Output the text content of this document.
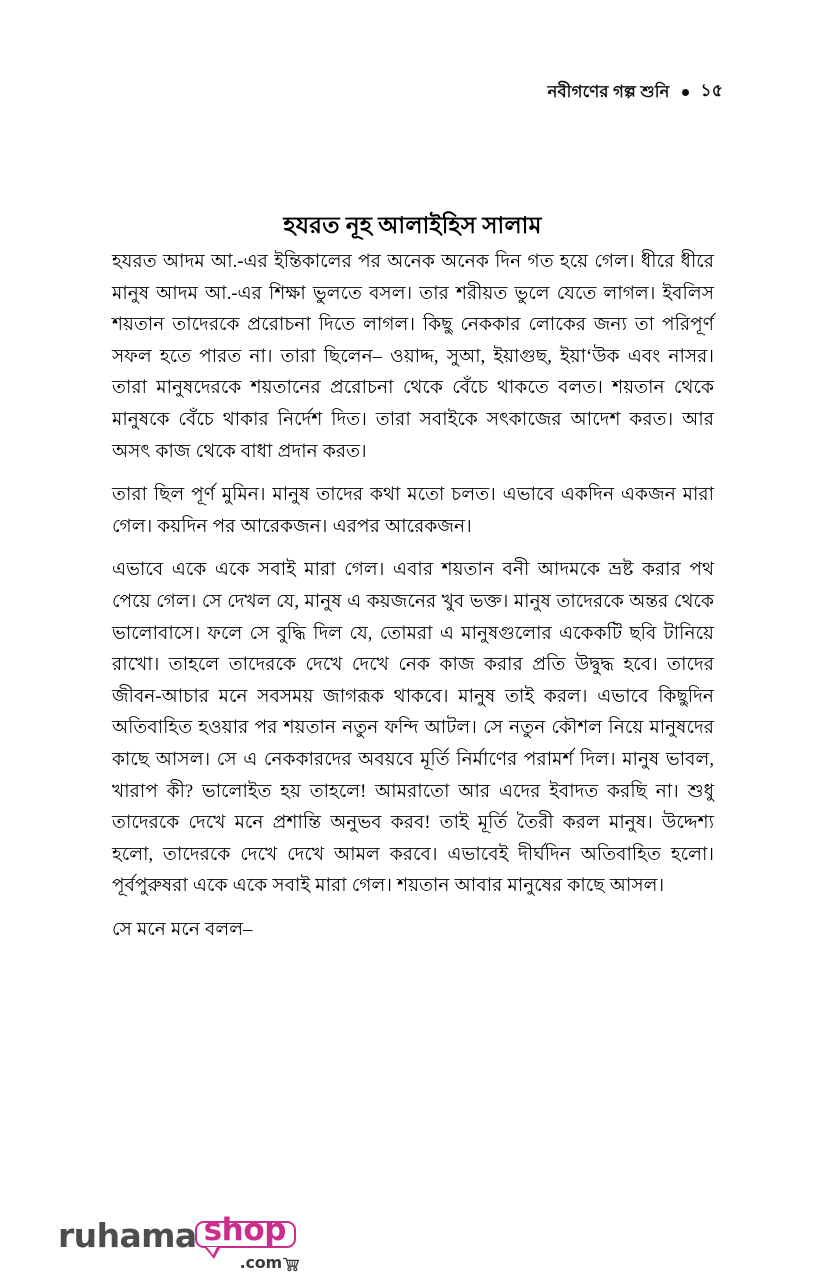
নবীগণের গল্প শুনি ১৫
হযরত নূহ আলাইহিস সালাম

হযরত আদম আ.-এর ইন্তিকালের পর অনেক অনেক দিন গত হয়ে গেল। ধীরে ধীরে মানুষ আদম আ.-এর শিক্ষা ভুলতে বসল। তার শরীয়ত ভুলে যেতে লাগল। ইবলিস শয়তান তাদেরকে প্ররোচনা দিতে লাগল। কিছু নেককার লোকের জন্য তা পরিপূর্ণ সফল হতে পারত না। তারা ছিলেন– ওয়াদ্দ, সুআ, ইয়াগুছ, ইয়া‘উক এবং নাসর। তারা মানুষদেরকে শয়তানের প্ররোচনা থেকে বেঁচে থাকতে বলত। শয়তান থেকে মানুষকে বেঁচে থাকার নির্দেশ দিত। তারা সবাইকে সৎকাজের আদেশ করত। আর অসৎ কাজ থেকে বাধা প্রদান করত।

তারা ছিল পূর্ণ মুমিন। মানুষ তাদের কথা মতো চলত। এভাবে একদিন একজন মারা গেল। কয়দিন পর আরেকজন। এরপর আরেকজন।

এভাবে একে একে সবাই মারা গেল। এবার শয়তান বনী আদমকে ভ্রষ্ট করার পথ পেয়ে গেল। সে দেখল যে, মানুষ এ কয়জনের খুব ভক্ত। মানুষ তাদেরকে অন্তর থেকে ভালোবাসে। ফলে সে বুদ্ধি দিল যে, তোমরা এ মানুষগুলোর একেকটি ছবি টানিয়ে রাখো। তাহলে তাদেরকে দেখে দেখে নেক কাজ করার প্রতি উদ্বুদ্ধ হবে। তাদের জীবন-আচার মনে সবসময় জাগরূক থাকবে। মানুষ তাই করল। এভাবে কিছুদিন অতিবাহিত হওয়ার পর শয়তান নতুন ফন্দি আটল। সে নতুন কৌশল নিয়ে মানুষদের কাছে আসল। সে এ নেককারদের অবয়বে মূর্তি নির্মাণের পরামর্শ দিল। মানুষ ভাবল, খারাপ কী? ভালোইত হয় তাহলে! আমরাতো আর এদের ইবাদত করছি না। শুধু তাদেরকে দেখে মনে প্রশান্তি অনুভব করব! তাই মূর্তি তৈরী করল মানুষ। উদ্দেশ্য হলো, তাদেরকে দেখে দেখে আমল করবে। এভাবেই দীর্ঘদিন অতিবাহিত হলো। পূর্বপুরুষরা একে একে সবাই মারা গেল। শয়তান আবার মানুষের কাছে আসল।

সে মনে মনে বলল–

ruhama shop
.com
